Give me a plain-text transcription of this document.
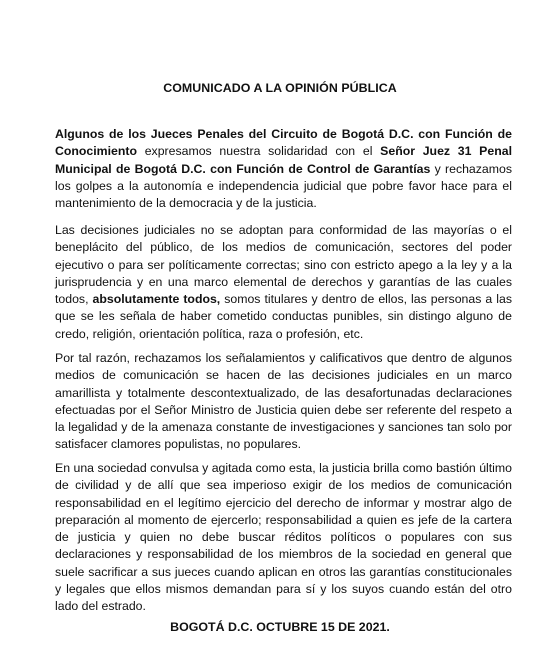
COMUNICADO A LA OPINIÓN PÚBLICA

Algunos de los Jueces Penales del Circuito de Bogotá D.C. con Función de Conocimiento expresamos nuestra solidaridad con el Señor Juez 31 Penal Municipal de Bogotá D.C. con Función de Control de Garantías y rechazamos los golpes a la autonomía e independencia judicial que pobre favor hace para el mantenimiento de la democracia y de la justicia.

Las decisiones judiciales no se adoptan para conformidad de las mayorías o el beneplácito del público, de los medios de comunicación, sectores del poder ejecutivo o para ser políticamente correctas; sino con estricto apego a la ley y a la jurisprudencia y en una marco elemental de derechos y garantías de las cuales todos, absolutamente todos, somos titulares y dentro de ellos, las personas a las que se les señala de haber cometido conductas punibles, sin distingo alguno de credo, religión, orientación política, raza o profesión, etc.

Por tal razón, rechazamos los señalamientos y calificativos que dentro de algunos medios de comunicación se hacen de las decisiones judiciales en un marco amarillista y totalmente descontextualizado, de las desafortunadas declaraciones efectuadas por el Señor Ministro de Justicia quien debe ser referente del respeto a la legalidad y de la amenaza constante de investigaciones y sanciones tan solo por satisfacer clamores populistas, no populares.

En una sociedad convulsa y agitada como esta, la justicia brilla como bastión último de civilidad y de allí que sea imperioso exigir de los medios de comunicación responsabilidad en el legítimo ejercicio del derecho de informar y mostrar algo de preparación al momento de ejercerlo; responsabilidad a quien es jefe de la cartera de justicia y quien no debe buscar réditos políticos o populares con sus declaraciones y responsabilidad de los miembros de la sociedad en general que suele sacrificar a sus jueces cuando aplican en otros las garantías constitucionales y legales que ellos mismos demandan para sí y los suyos cuando están del otro lado del estrado.

BOGOTÁ D.C. OCTUBRE 15 DE 2021.
